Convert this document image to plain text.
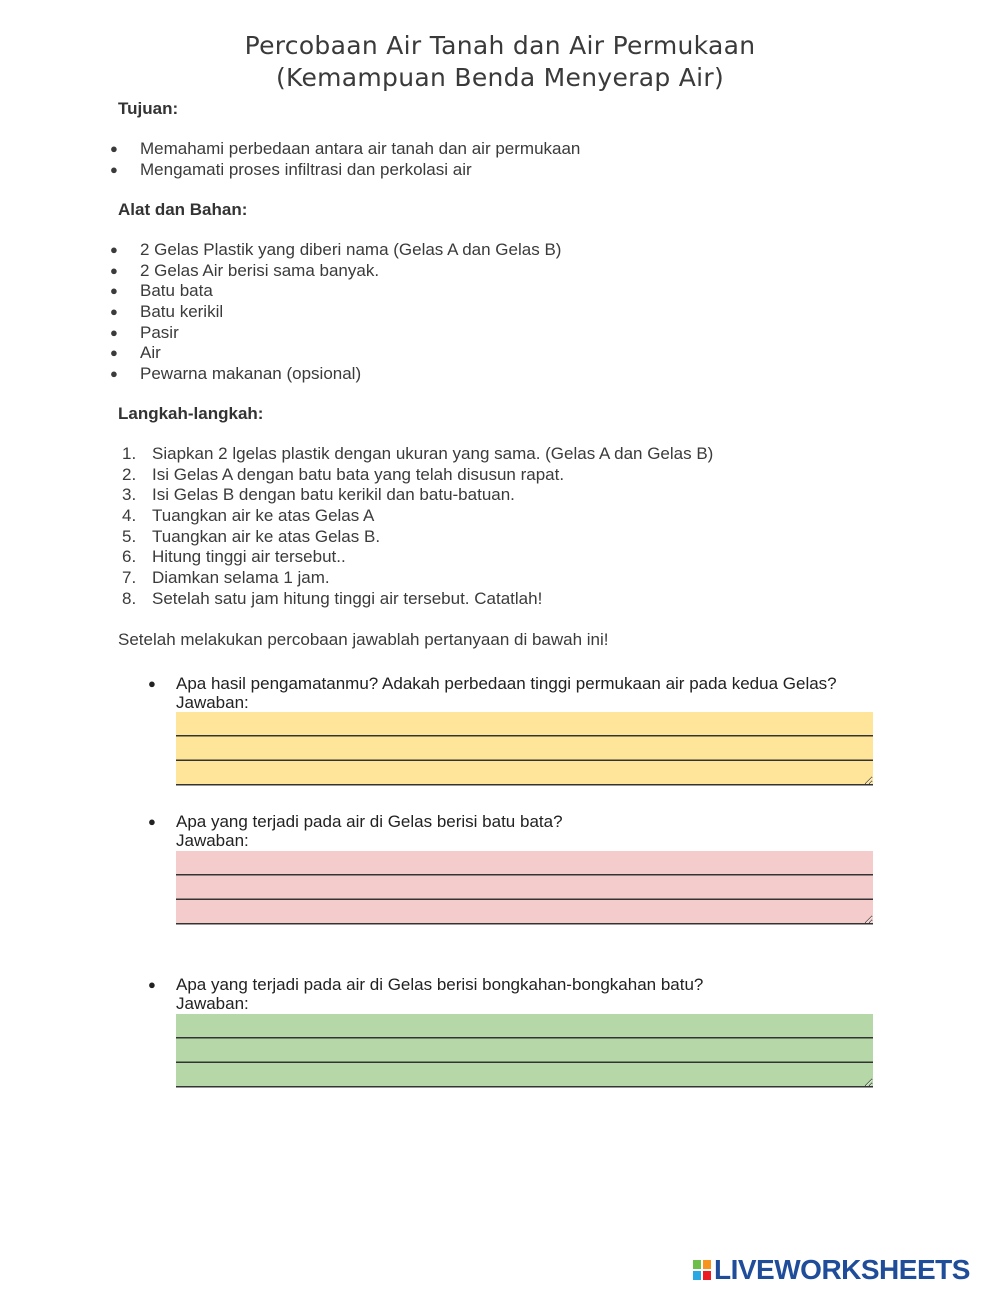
Percobaan Air Tanah dan Air Permukaan
(Kemampuan Benda Menyerap Air)
Tujuan:
● Memahami perbedaan antara air tanah dan air permukaan
● Mengamati proses infiltrasi dan perkolasi air
Alat dan Bahan:
● 2 Gelas Plastik yang diberi nama (Gelas A dan Gelas B)
● 2 Gelas Air berisi sama banyak.
● Batu bata
● Batu kerikil
● Pasir
● Air
● Pewarna makanan (opsional)
Langkah-langkah:
1. Siapkan 2 lgelas plastik dengan ukuran yang sama. (Gelas A dan Gelas B)
2. Isi Gelas A dengan batu bata yang telah disusun rapat.
3. Isi Gelas B dengan batu kerikil dan batu-batuan.
4. Tuangkan air ke atas Gelas A
5. Tuangkan air ke atas Gelas B.
6. Hitung tinggi air tersebut..
7. Diamkan selama 1 jam.
8. Setelah satu jam hitung tinggi air tersebut. Catatlah!
Setelah melakukan percobaan jawablah pertanyaan di bawah ini!
● Apa hasil pengamatanmu? Adakah perbedaan tinggi permukaan air pada kedua Gelas?
Jawaban:
● Apa yang terjadi pada air di Gelas berisi batu bata?
Jawaban:
● Apa yang terjadi pada air di Gelas berisi bongkahan-bongkahan batu?
Jawaban:
LIVEWORKSHEETS
